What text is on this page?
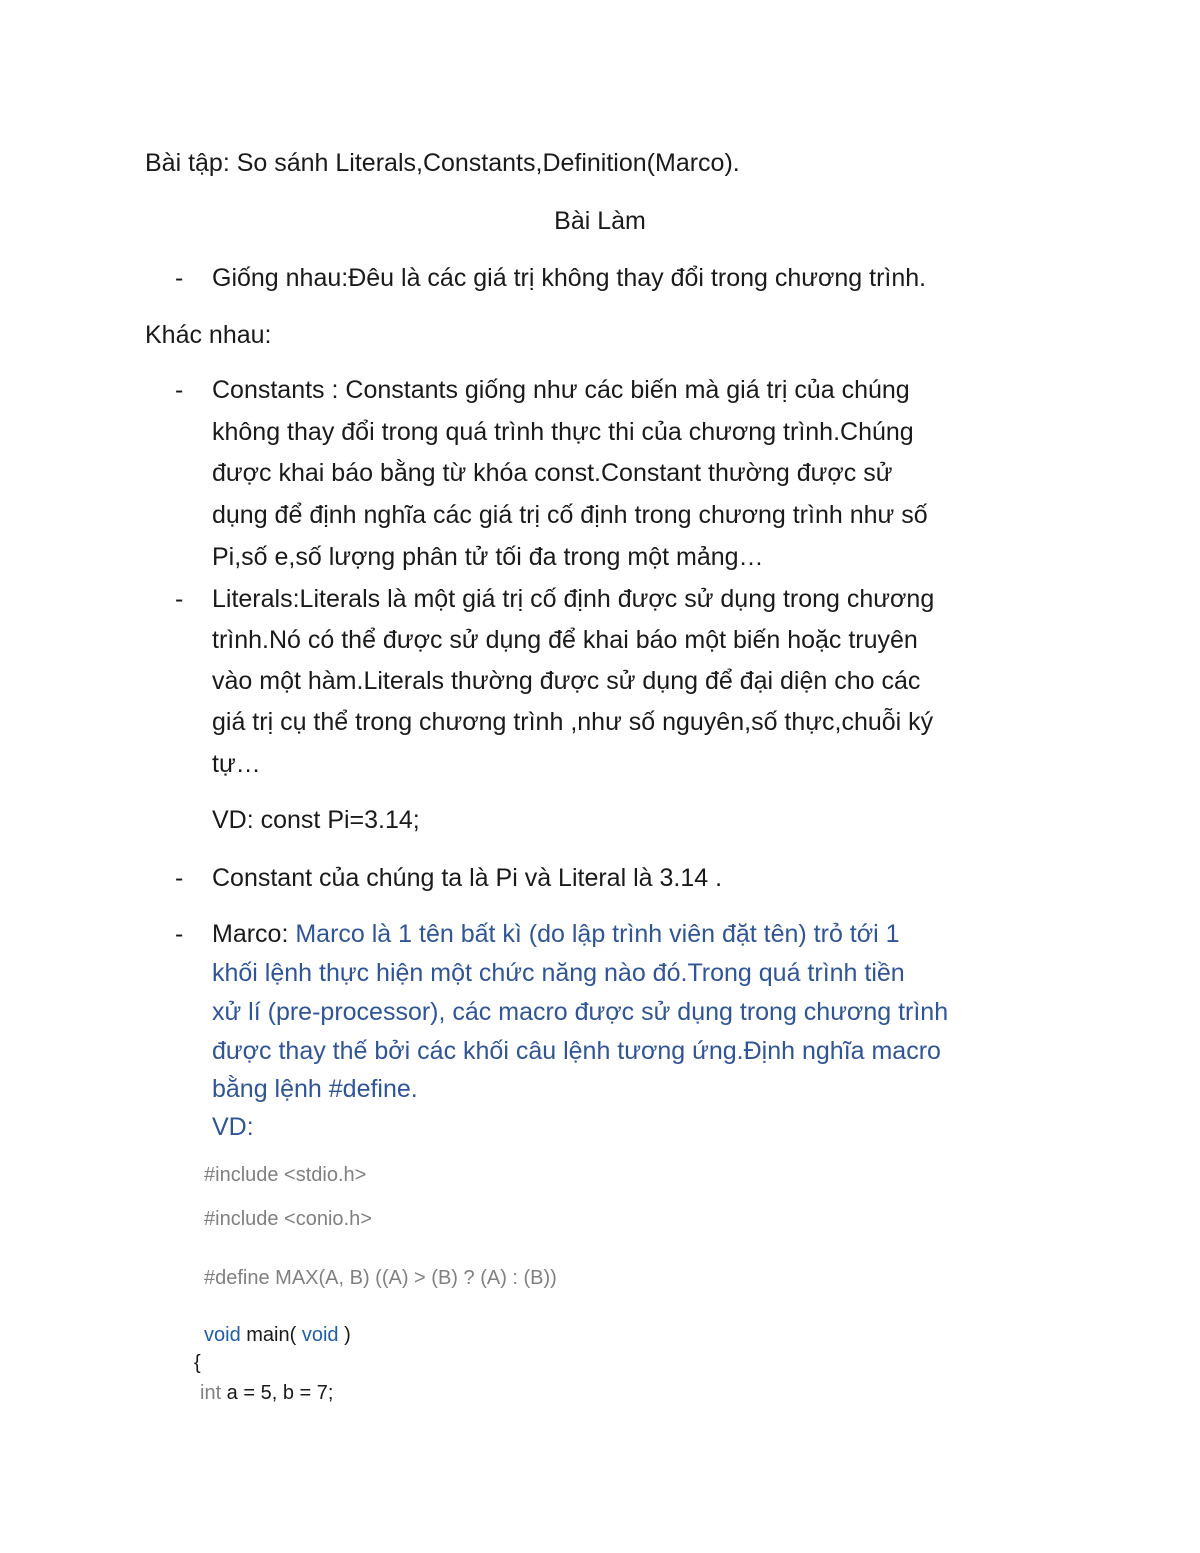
Bài tập: So sánh Literals,Constants,Definition(Marco).
Bài Làm
- Giống nhau:Đêu là các giá trị không thay đổi trong chương trình.
Khác nhau:
- Constants : Constants giống như các biến mà giá trị của chúng
không thay đổi trong quá trình thực thi của chương trình.Chúng
được khai báo bằng từ khóa const.Constant thường được sử
dụng để định nghĩa các giá trị cố định trong chương trình như số
Pi,số e,số lượng phân tử tối đa trong một mảng…
- Literals:Literals là một giá trị cố định được sử dụng trong chương
trình.Nó có thể được sử dụng để khai báo một biến hoặc truyên
vào một hàm.Literals thường được sử dụng để đại diện cho các
giá trị cụ thể trong chương trình ,như số nguyên,số thực,chuỗi ký
tự…
VD: const Pi=3.14;
- Constant của chúng ta là Pi và Literal là 3.14 .
- Marco: Marco là 1 tên bất kì (do lập trình viên đặt tên) trỏ tới 1
khối lệnh thực hiện một chức năng nào đó.Trong quá trình tiền
xử lí (pre-processor), các macro được sử dụng trong chương trình
được thay thế bởi các khối câu lệnh tương ứng.Định nghĩa macro
bằng lệnh #define.
VD:
#include <stdio.h>
#include <conio.h>
#define MAX(A, B) ((A) > (B) ? (A) : (B))
void main( void )
{
int a = 5, b = 7;
